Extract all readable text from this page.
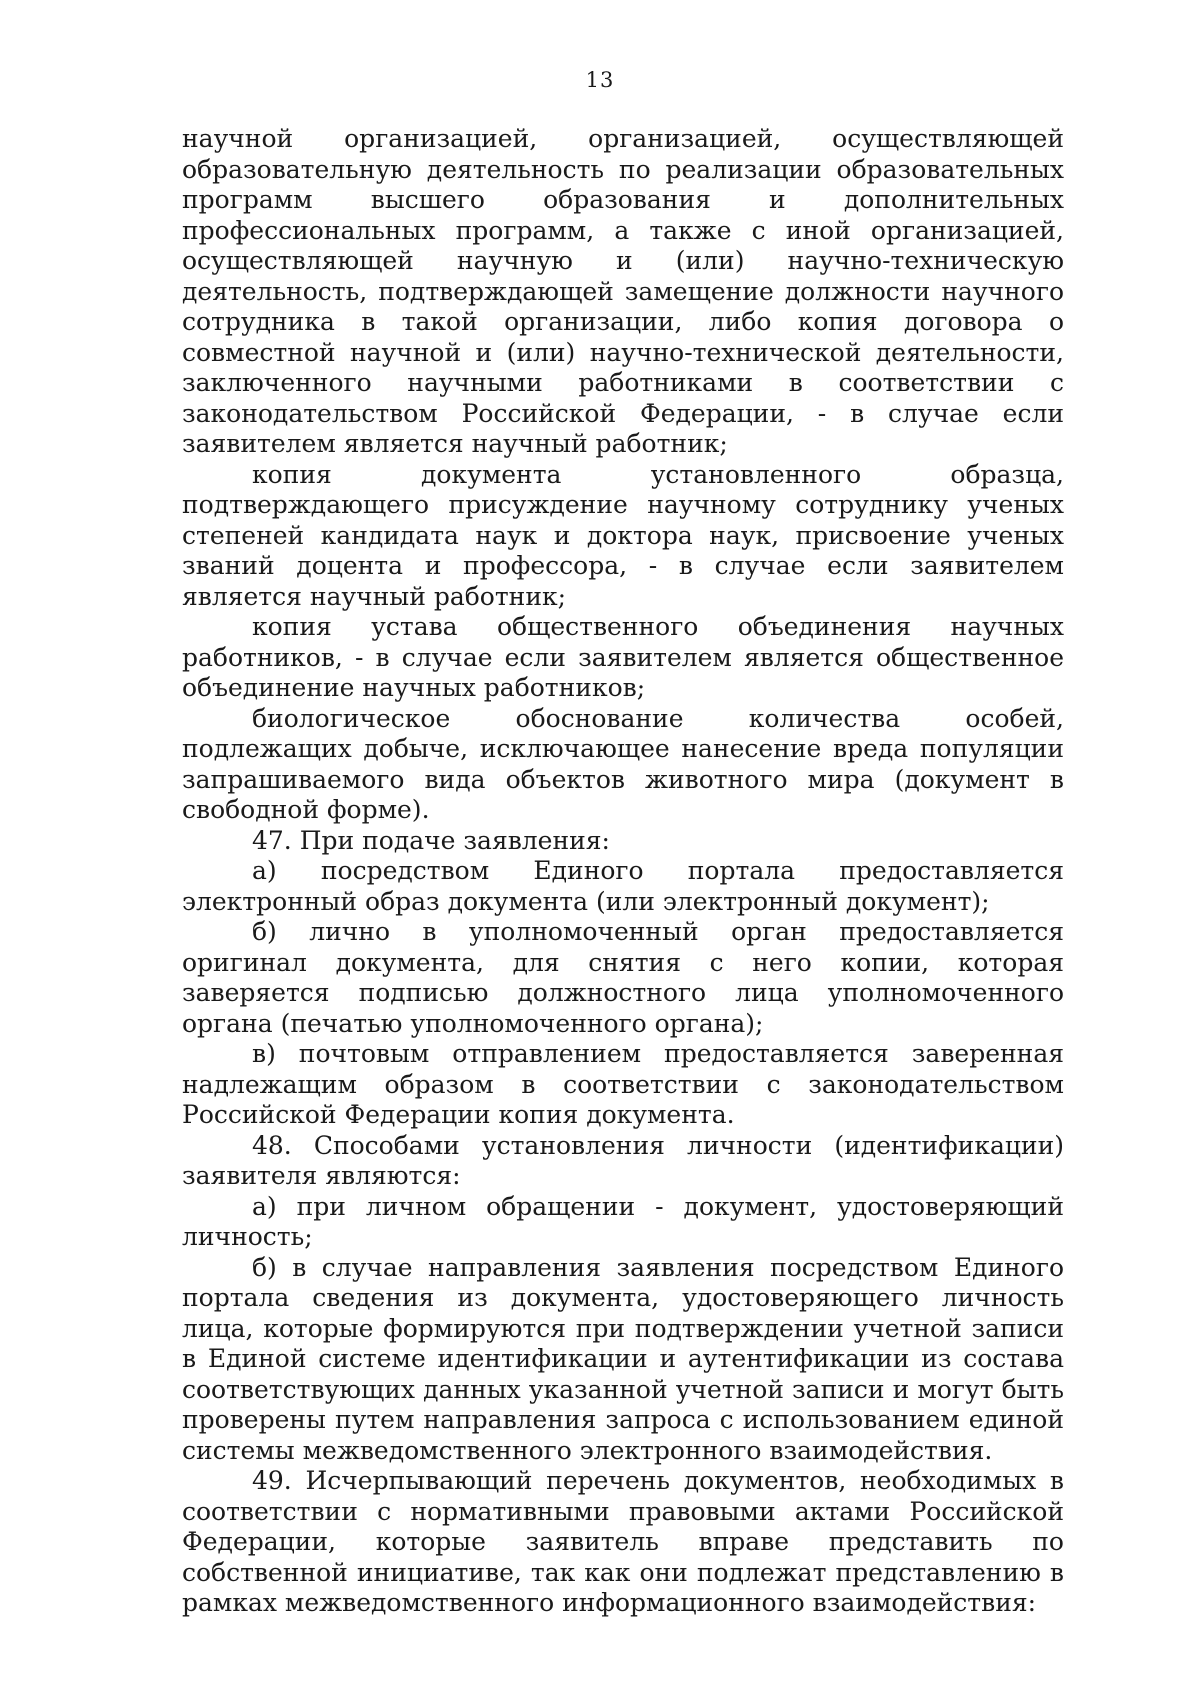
13

научной организацией, организацией, осуществляющей образовательную деятельность по реализации образовательных программ высшего образования и дополнительных профессиональных программ, а также с иной организацией, осуществляющей научную и (или) научно-техническую деятельность, подтверждающей замещение должности научного сотрудника в такой организации, либо копия договора о совместной научной и (или) научно-технической деятельности, заключенного научными работниками в соответствии с законодательством Российской Федерации, - в случае если заявителем является научный работник;

копия документа установленного образца, подтверждающего присуждение научному сотруднику ученых степеней кандидата наук и доктора наук, присвоение ученых званий доцента и профессора, - в случае если заявителем является научный работник;

копия устава общественного объединения научных работников, - в случае если заявителем является общественное объединение научных работников;

биологическое обоснование количества особей, подлежащих добыче, исключающее нанесение вреда популяции запрашиваемого вида объектов животного мира (документ в свободной форме).

47. При подаче заявления:

а) посредством Единого портала предоставляется электронный образ документа (или электронный документ);

б) лично в уполномоченный орган предоставляется оригинал документа, для снятия с него копии, которая заверяется подписью должностного лица уполномоченного органа (печатью уполномоченного органа);

в) почтовым отправлением предоставляется заверенная надлежащим образом в соответствии с законодательством Российской Федерации копия документа.

48. Способами установления личности (идентификации) заявителя являются:

а) при личном обращении - документ, удостоверяющий личность;

б) в случае направления заявления посредством Единого портала сведения из документа, удостоверяющего личность лица, которые формируются при подтверждении учетной записи в Единой системе идентификации и аутентификации из состава соответствующих данных указанной учетной записи и могут быть проверены путем направления запроса с использованием единой системы межведомственного электронного взаимодействия.

49. Исчерпывающий перечень документов, необходимых в соответствии с нормативными правовыми актами Российской Федерации, которые заявитель вправе представить по собственной инициативе, так как они подлежат представлению в рамках межведомственного информационного взаимодействия:
